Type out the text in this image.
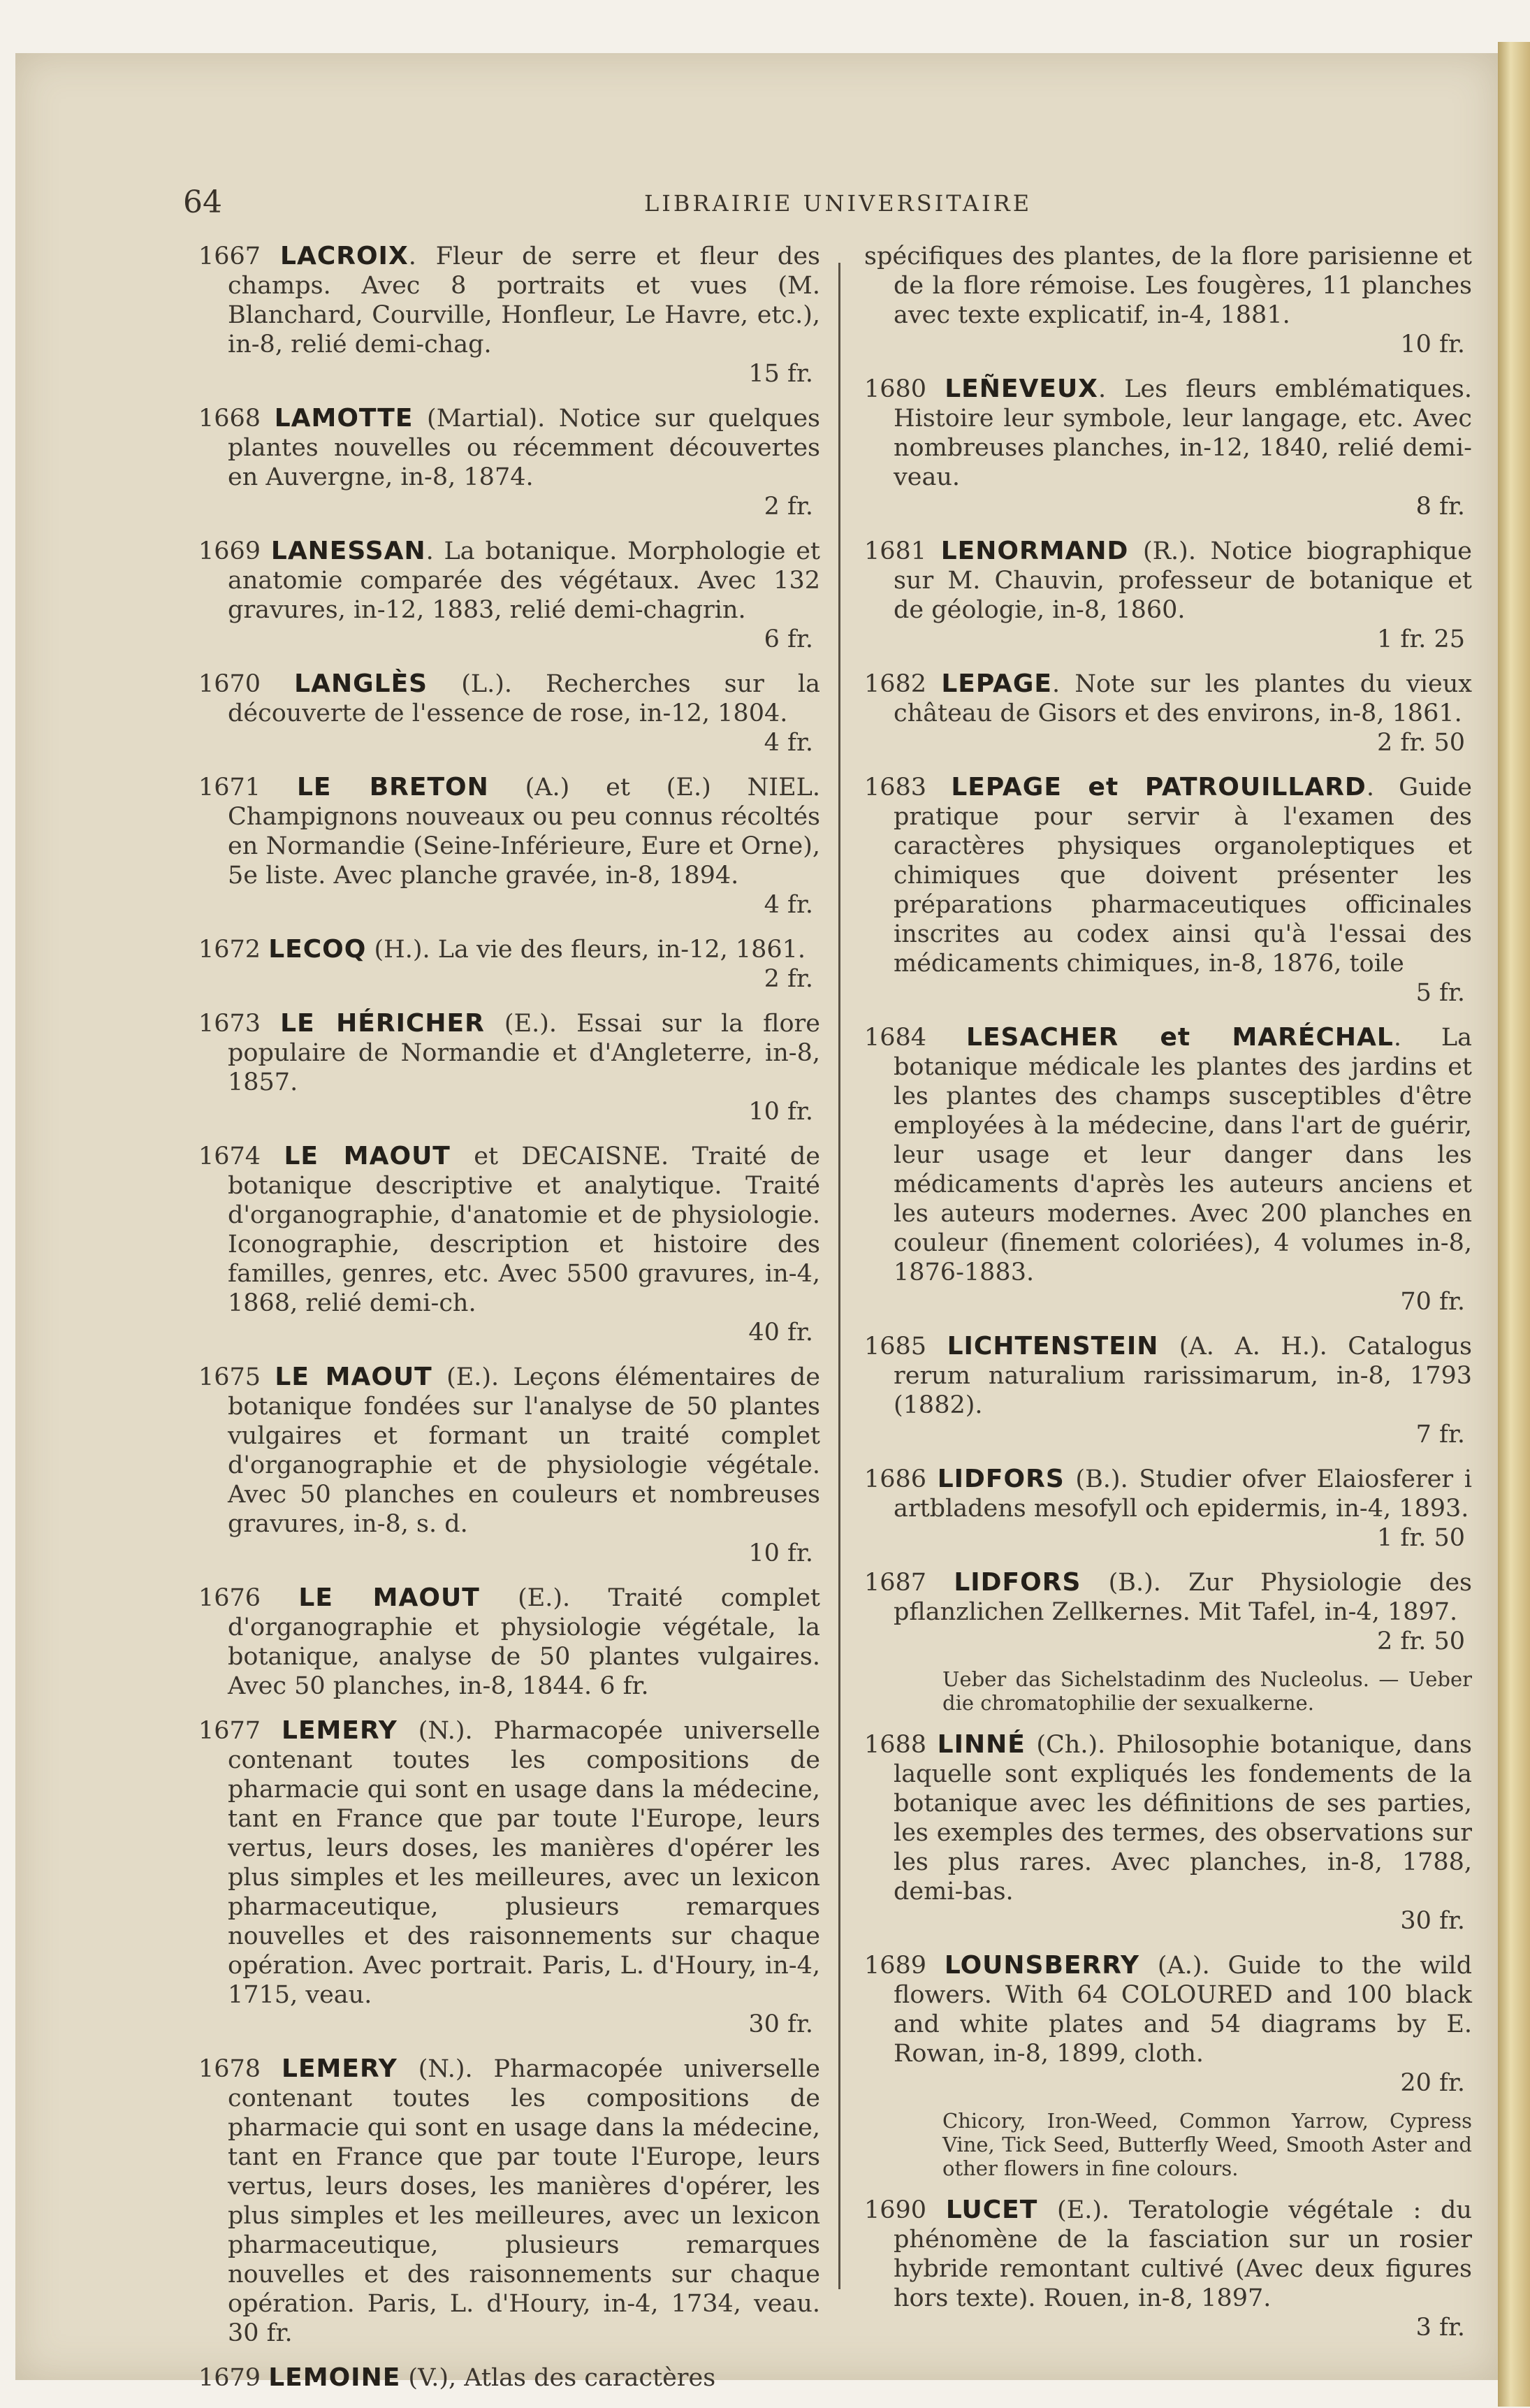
64	LIBRAIRIE UNIVERSITAIRE
1667 LACROIX. Fleur de serre et fleur des champs. Avec 8 portraits et vues (M. Blanchard, Courville, Honfleur, Le Havre, etc.), in-8, relié demi-chag.
15 fr.
1668 LAMOTTE (Martial). Notice sur quelques plantes nouvelles ou récemment découvertes en Auvergne, in-8, 1874.
2 fr.
1669 LANESSAN. La botanique. Morphologie et anatomie comparée des végétaux. Avec 132 gravures, in-12, 1883, relié demi-chagrin.
6 fr.
1670 LANGLÈS (L.). Recherches sur la découverte de l'essence de rose, in-12, 1804.
4 fr.
1671 LE BRETON (A.) et (E.) NIEL. Champignons nouveaux ou peu connus récoltés en Normandie (Seine-Inférieure, Eure et Orne), 5e liste. Avec planche gravée, in-8, 1894.
4 fr.
1672 LECOQ (H.). La vie des fleurs, in-12, 1861.
2 fr.
1673 LE HÉRICHER (E.). Essai sur la flore populaire de Normandie et d'Angleterre, in-8, 1857.
10 fr.
1674 LE MAOUT et DECAISNE. Traité de botanique descriptive et analytique. Traité d'organographie, d'anatomie et de physiologie. Iconographie, description et histoire des familles, genres, etc. Avec 5500 gravures, in-4, 1868, relié demi-ch.
40 fr.
1675 LE MAOUT (E.). Leçons élémentaires de botanique fondées sur l'analyse de 50 plantes vulgaires et formant un traité complet d'organographie et de physiologie végétale. Avec 50 planches en couleurs et nombreuses gravures, in-8, s. d.
10 fr.
1676 LE MAOUT (E.). Traité complet d'organographie et physiologie végétale, la botanique, analyse de 50 plantes vulgaires. Avec 50 planches, in-8, 1844. 6 fr.
1677 LEMERY (N.). Pharmacopée universelle contenant toutes les compositions de pharmacie qui sont en usage dans la médecine, tant en France que par toute l'Europe, leurs vertus, leurs doses, les manières d'opérer les plus simples et les meilleures, avec un lexicon pharmaceutique, plusieurs remarques nouvelles et des raisonnements sur chaque opération. Avec portrait. Paris, L. d'Houry, in-4, 1715, veau.
30 fr.
1678 LEMERY (N.). Pharmacopée universelle contenant toutes les compositions de pharmacie qui sont en usage dans la médecine, tant en France que par toute l'Europe, leurs vertus, leurs doses, les manières d'opérer, les plus simples et les meilleures, avec un lexicon pharmaceutique, plusieurs remarques nouvelles et des raisonnements sur chaque opération. Paris, L. d'Houry, in-4, 1734, veau. 30 fr.
1679 LEMOINE (V.), Atlas des caractères
spécifiques des plantes, de la flore parisienne et de la flore rémoise. Les fougères, 11 planches avec texte explicatif, in-4, 1881.
10 fr.
1680 LEÑEVEUX. Les fleurs emblématiques. Histoire leur symbole, leur langage, etc. Avec nombreuses planches, in-12, 1840, relié demi-veau.
8 fr.
1681 LENORMAND (R.). Notice biographique sur M. Chauvin, professeur de botanique et de géologie, in-8, 1860.
1 fr. 25
1682 LEPAGE. Note sur les plantes du vieux château de Gisors et des environs, in-8, 1861.
2 fr. 50
1683 LEPAGE et PATROUILLARD. Guide pratique pour servir à l'examen des caractères physiques organoleptiques et chimiques que doivent présenter les préparations pharmaceutiques officinales inscrites au codex ainsi qu'à l'essai des médicaments chimiques, in-8, 1876, toile
5 fr.
1684 LESACHER et MARÉCHAL. La botanique médicale les plantes des jardins et les plantes des champs susceptibles d'être employées à la médecine, dans l'art de guérir, leur usage et leur danger dans les médicaments d'après les auteurs anciens et les auteurs modernes. Avec 200 planches en couleur (finement coloriées), 4 volumes in-8, 1876-1883.
70 fr.
1685 LICHTENSTEIN (A. A. H.). Catalogus rerum naturalium rarissimarum, in-8, 1793 (1882).
7 fr.
1686 LIDFORS (B.). Studier ofver Elaiosferer i artbladens mesofyll och epidermis, in-4, 1893.
1 fr. 50
1687 LIDFORS (B.). Zur Physiologie des pflanzlichen Zellkernes. Mit Tafel, in-4, 1897.
2 fr. 50
Ueber das Sichelstadinm des Nucleolus. — Ueber die chromatophilie der sexualkerne.
1688 LINNÉ (Ch.). Philosophie botanique, dans laquelle sont expliqués les fondements de la botanique avec les définitions de ses parties, les exemples des termes, des observations sur les plus rares. Avec planches, in-8, 1788, demi-bas.
30 fr.
1689 LOUNSBERRY (A.). Guide to the wild flowers. With 64 COLOURED and 100 black and white plates and 54 diagrams by E. Rowan, in-8, 1899, cloth.
20 fr.
Chicory, Iron-Weed, Common Yarrow, Cypress Vine, Tick Seed, Butterfly Weed, Smooth Aster and other flowers in fine colours.
1690 LUCET (E.). Teratologie végétale : du phénomène de la fasciation sur un rosier hybride remontant cultivé (Avec deux figures hors texte). Rouen, in-8, 1897.
3 fr.
